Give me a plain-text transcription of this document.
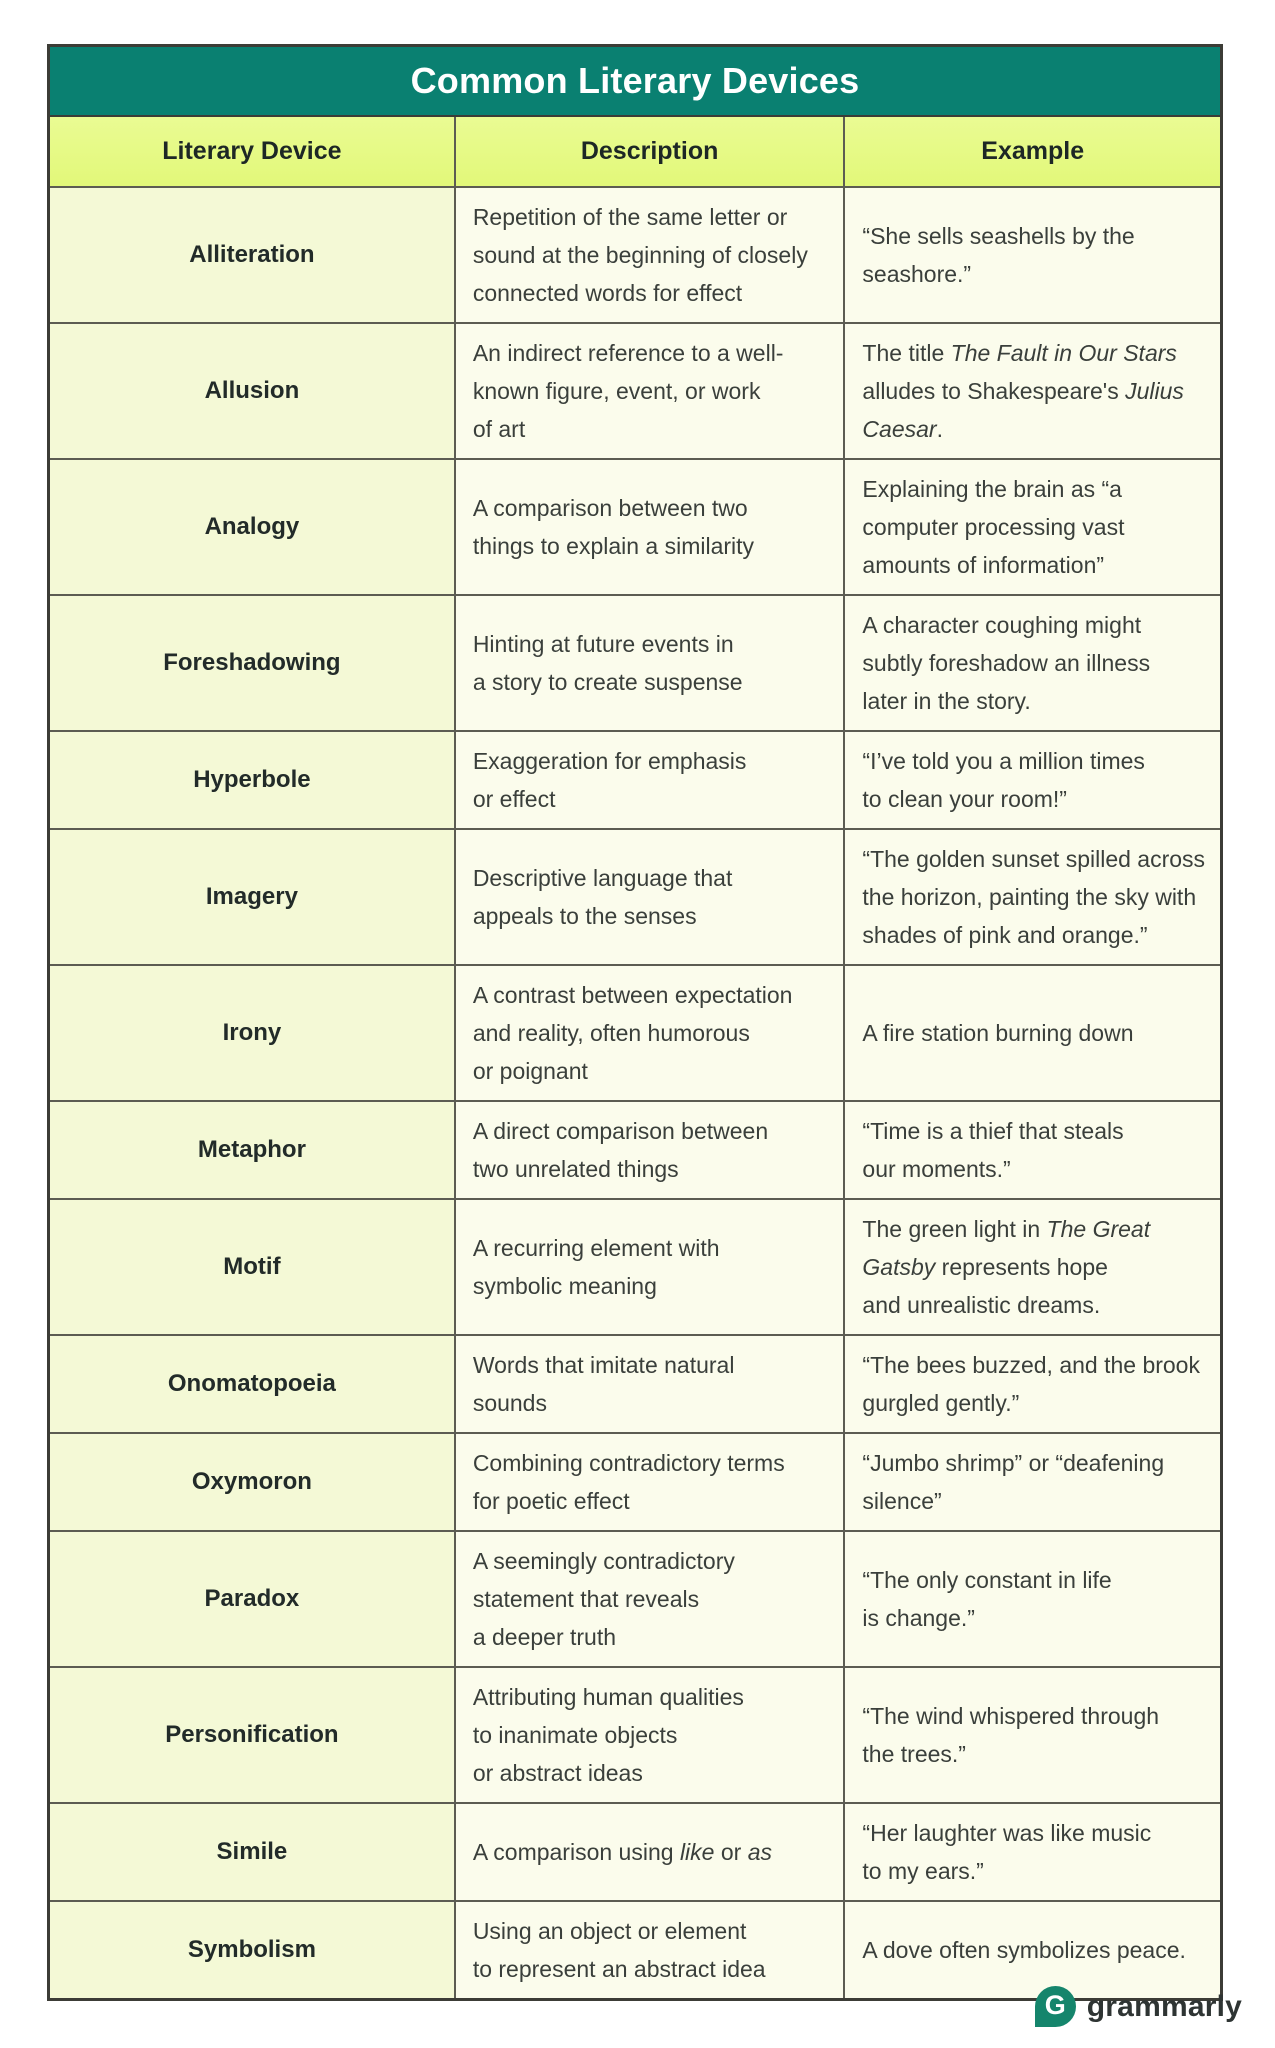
Common Literary Devices
Literary Device	Description	Example
Alliteration	Repetition of the same letter or
sound at the beginning of closely
connected words for effect	“She sells seashells by the
seashore.”
Allusion	An indirect reference to a well-
known figure, event, or work
of art	The title The Fault in Our Stars
alludes to Shakespeare's Julius
Caesar.
Analogy	A comparison between two
things to explain a similarity	Explaining the brain as “a
computer processing vast
amounts of information”
Foreshadowing	Hinting at future events in
a story to create suspense	A character coughing might
subtly foreshadow an illness
later in the story.
Hyperbole	Exaggeration for emphasis
or effect	“I’ve told you a million times
to clean your room!”
Imagery	Descriptive language that
appeals to the senses	“The golden sunset spilled across
the horizon, painting the sky with
shades of pink and orange.”
Irony	A contrast between expectation
and reality, often humorous
or poignant	A fire station burning down
Metaphor	A direct comparison between
two unrelated things	“Time is a thief that steals
our moments.”
Motif	A recurring element with
symbolic meaning	The green light in The Great
Gatsby represents hope
and unrealistic dreams.
Onomatopoeia	Words that imitate natural
sounds	“The bees buzzed, and the brook
gurgled gently.”
Oxymoron	Combining contradictory terms
for poetic effect	“Jumbo shrimp” or “deafening
silence”
Paradox	A seemingly contradictory
statement that reveals
a deeper truth	“The only constant in life
is change.”
Personification	Attributing human qualities
to inanimate objects
or abstract ideas	“The wind whispered through
the trees.”
Simile	A comparison using like or as	“Her laughter was like music
to my ears.”
Symbolism	Using an object or element
to represent an abstract idea	A dove often symbolizes peace.
G grammarly
